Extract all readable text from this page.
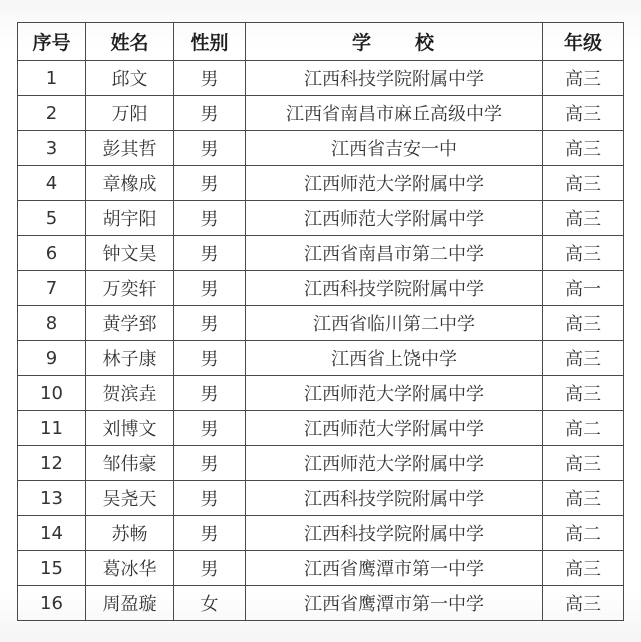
序号	姓名	性别	学　　校	年级
1	邱文	男	江西科技学院附属中学	高三
2	万阳	男	江西省南昌市麻丘高级中学	高三
3	彭其哲	男	江西省吉安一中	高三
4	章橡成	男	江西师范大学附属中学	高三
5	胡宇阳	男	江西师范大学附属中学	高三
6	钟文昊	男	江西省南昌市第二中学	高三
7	万奕轩	男	江西科技学院附属中学	高一
8	黄学郅	男	江西省临川第二中学	高三
9	林子康	男	江西省上饶中学	高三
10	贺滨垚	男	江西师范大学附属中学	高三
11	刘博文	男	江西师范大学附属中学	高二
12	邹伟豪	男	江西师范大学附属中学	高三
13	吴尧天	男	江西科技学院附属中学	高三
14	苏畅	男	江西科技学院附属中学	高二
15	葛冰华	男	江西省鹰潭市第一中学	高三
16	周盈璇	女	江西省鹰潭市第一中学	高三
